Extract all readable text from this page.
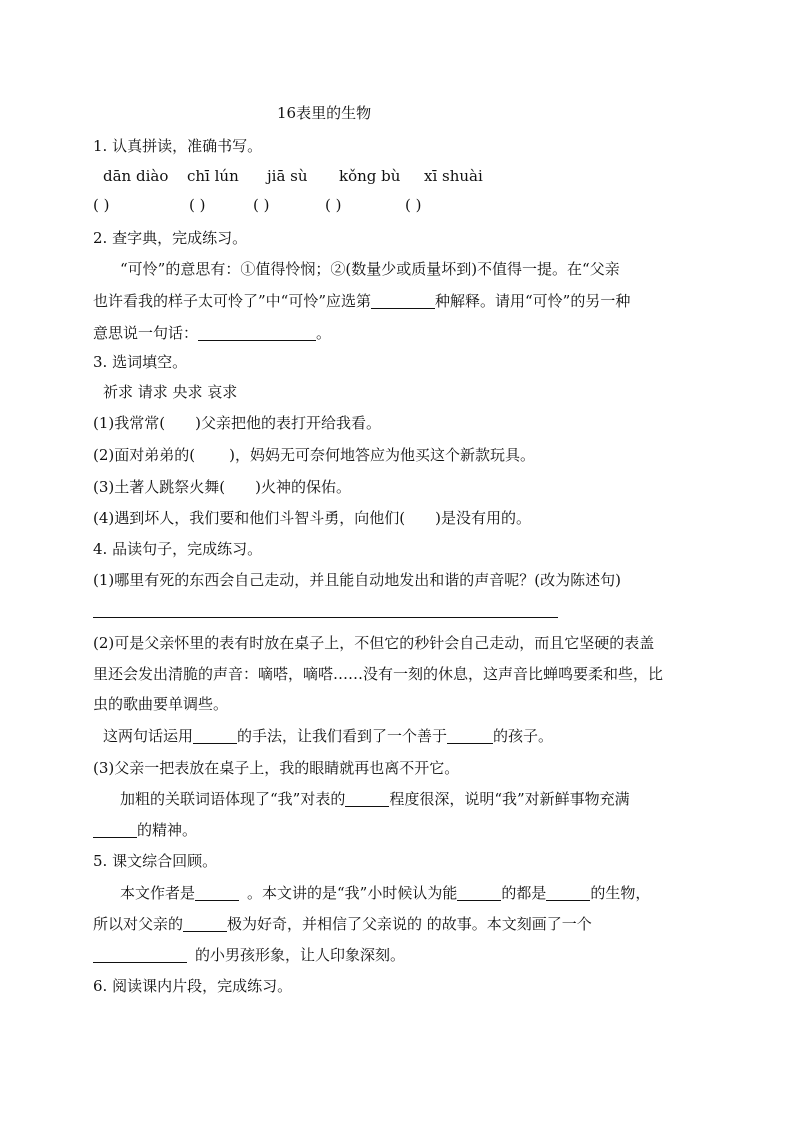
16表里的生物
1. 认真拼读，准确书写。
dān diào chī lún jiā sù kǒng bù xī shuài
( )	( )	( )	( )	( )
2. 查字典，完成练习。
“可怜”的意思有：①值得怜悯；②(数量少或质量坏到)不值得一提。在“父亲
也许看我的样子太可怜了”中“可怜”应选第	种解释。请用“可怜”的另一种
意思说一句话：	。
3. 选词填空。
祈求 请求 央求 哀求
(1)我常常( )父亲把他的表打开给我看。
(2)面对弟弟的( )，妈妈无可奈何地答应为他买这个新款玩具。
(3)土著人跳祭火舞( )火神的保佑。
(4)遇到坏人，我们要和他们斗智斗勇，向他们( )是没有用的。
4. 品读句子，完成练习。
(1)哪里有死的东西会自己走动，并且能自动地发出和谐的声音呢？(改为陈述句)
(2)可是父亲怀里的表有时放在桌子上，不但它的秒针会自己走动，而且它坚硬的表盖
里还会发出清脆的声音：嘀嗒，嘀嗒……没有一刻的休息，这声音比蝉鸣要柔和些，比
虫的歌曲要单调些。
这两句话运用	的手法，让我们看到了一个善于	的孩子。
(3)父亲一把表放在桌子上，我的眼睛就再也离不开它。
加粗的关联词语体现了“我”对表的	程度很深，说明“我”对新鲜事物充满
的精神。
5. 课文综合回顾。
本文作者是	。本文讲的是“我”小时候认为能	的都是	的生物，
所以对父亲的	极为好奇，并相信了父亲说的 的故事。本文刻画了一个
的小男孩形象，让人印象深刻。
6. 阅读课内片段，完成练习。
